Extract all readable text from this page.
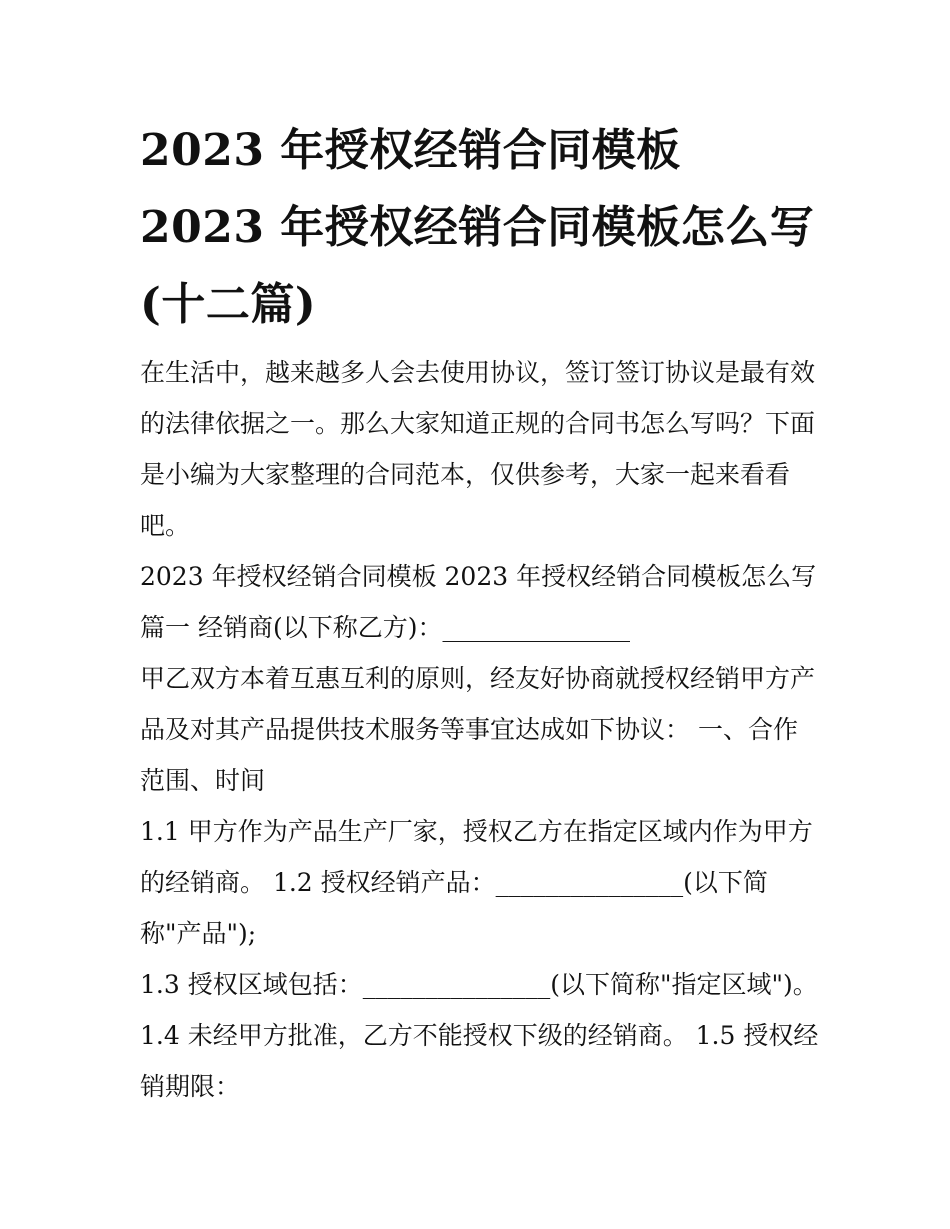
2023 年授权经销合同模板
2023 年授权经销合同模板怎么写(十二篇)

在生活中，越来越多人会去使用协议，签订签订协议是最有效的法律依据之一。那么大家知道正规的合同书怎么写吗？下面是小编为大家整理的合同范本，仅供参考，大家一起来看看吧。

2023 年授权经销合同模板 2023 年授权经销合同模板怎么写篇一 经销商(以下称乙方)：_______________

甲乙双方本着互惠互利的原则，经友好协商就授权经销甲方产品及对其产品提供技术服务等事宜达成如下协议： 一、合作范围、时间

1.1 甲方作为产品生产厂家，授权乙方在指定区域内作为甲方的经销商。 1.2 授权经销产品：_______________(以下简称"产品");

1.3 授权区域包括：_______________(以下简称"指定区域")。 1.4 未经甲方批准，乙方不能授权下级的经销商。 1.5 授权经销期限：
